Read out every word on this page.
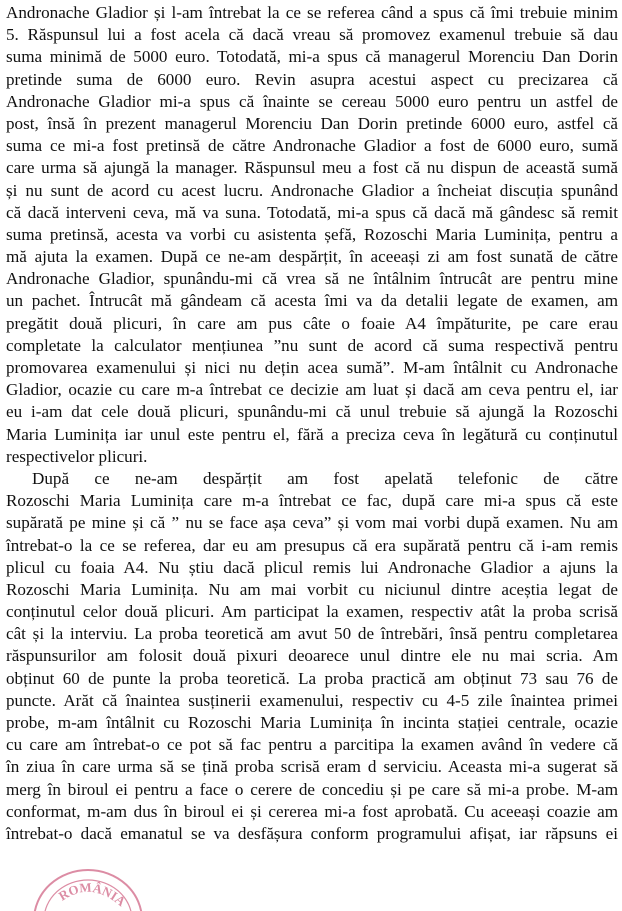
Andronache Gladior și l-am întrebat la ce se referea când a spus că îmi trebuie minim
5. Răspunsul lui a fost acela că dacă vreau să promovez examenul trebuie să dau
suma minimă de 5000 euro. Totodată, mi-a spus că managerul Morenciu Dan Dorin
pretinde suma de 6000 euro. Revin asupra acestui aspect cu precizarea că
Andronache Gladior mi-a spus că înainte se cereau 5000 euro pentru un astfel de
post, însă în prezent managerul Morenciu Dan Dorin pretinde 6000 euro, astfel că
suma ce mi-a fost pretinsă de către Andronache Gladior a fost de 6000 euro, sumă
care urma să ajungă la manager. Răspunsul meu a fost că nu dispun de această sumă
și nu sunt de acord cu acest lucru. Andronache Gladior a încheiat discuția spunând
că dacă interveni ceva, mă va suna. Totodată, mi-a spus că dacă mă gândesc să remit
suma pretinsă, acesta va vorbi cu asistenta șefă, Rozoschi Maria Luminița, pentru a
mă ajuta la examen. După ce ne-am despărțit, în aceeași zi am fost sunată de către
Andronache Gladior, spunându-mi că vrea să ne întâlnim întrucât are pentru mine
un pachet. Întrucât mă gândeam că acesta îmi va da detalii legate de examen, am
pregătit două plicuri, în care am pus câte o foaie A4 împăturite, pe care erau
completate la calculator mențiunea ”nu sunt de acord că suma respectivă pentru
promovarea examenului și nici nu dețin acea sumă”. M-am întâlnit cu Andronache
Gladior, ocazie cu care m-a întrebat ce decizie am luat și dacă am ceva pentru el, iar
eu i-am dat cele două plicuri, spunându-mi că unul trebuie să ajungă la Rozoschi
Maria Luminița iar unul este pentru el, fără a preciza ceva în legătură cu conținutul
respectivelor plicuri.
După ce ne-am despărțit am fost apelată telefonic de către
Rozoschi Maria Luminița care m-a întrebat ce fac, după care mi-a spus că este
supărată pe mine și că ” nu se face așa ceva” și vom mai vorbi după examen. Nu am
întrebat-o la ce se referea, dar eu am presupus că era supărată pentru că i-am remis
plicul cu foaia A4. Nu știu dacă plicul remis lui Andronache Gladior a ajuns la
Rozoschi Maria Luminița. Nu am mai vorbit cu niciunul dintre aceștia legat de
conținutul celor două plicuri. Am participat la examen, respectiv atât la proba scrisă
cât și la interviu. La proba teoretică am avut 50 de întrebări, însă pentru completarea
răspunsurilor am folosit două pixuri deoarece unul dintre ele nu mai scria. Am
obținut 60 de punte la proba teoretică. La proba practică am obținut 73 sau 76 de
puncte. Arăt că înaintea susținerii examenului, respectiv cu 4-5 zile înaintea primei
probe, m-am întâlnit cu Rozoschi Maria Luminița în incinta stației centrale, ocazie
cu care am întrebat-o ce pot să fac pentru a parcitipa la examen având în vedere că
în ziua în care urma să se țină proba scrisă eram d serviciu. Aceasta mi-a sugerat să
merg în biroul ei pentru a face o cerere de concediu și pe care să mi-a probe. M-am
conformat, m-am dus în biroul ei și cererea mi-a fost aprobată. Cu aceeași coazie am
întrebat-o dacă emanatul se va desfășura conform programului afișat, iar răpsuns ei
ROMÂNIA
